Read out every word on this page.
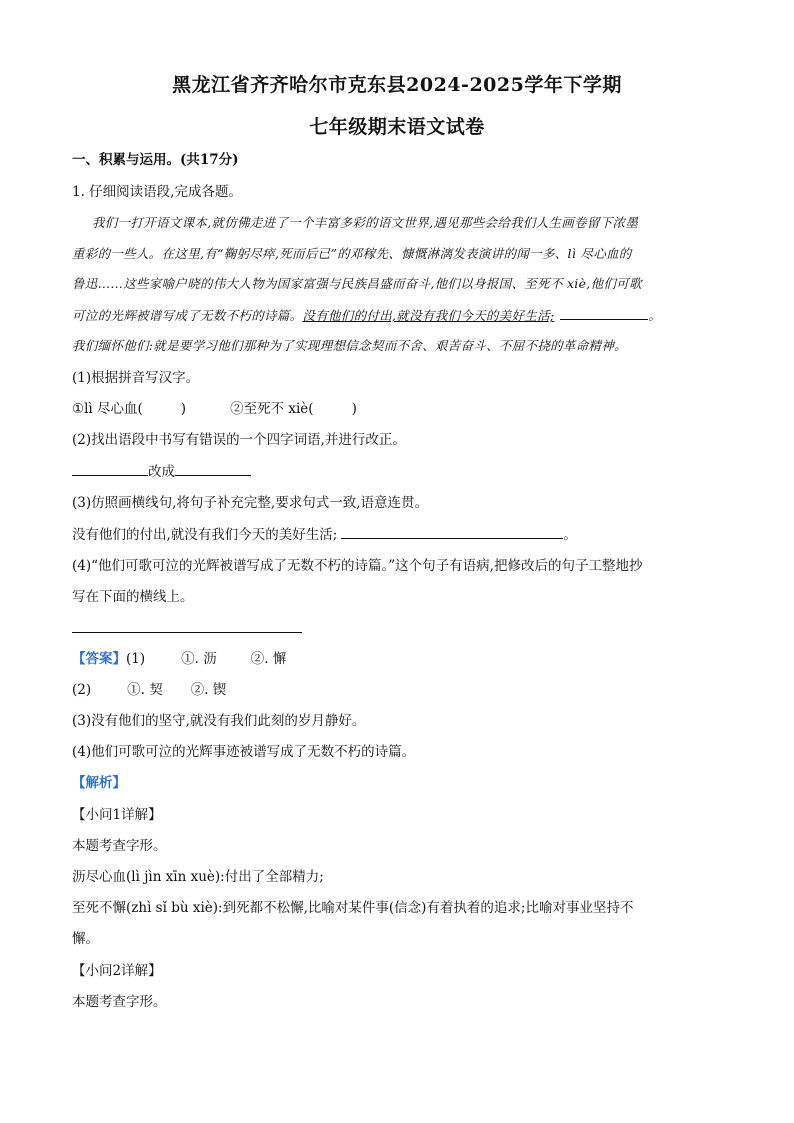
黑龙江省齐齐哈尔市克东县2024-2025学年下学期
七年级期末语文试卷
一、积累与运用。(共17分)
1. 仔细阅读语段,完成各题。
我们一打开语文课本,就仿佛走进了一个丰富多彩的语文世界,遇见那些会给我们人生画卷留下浓墨
重彩的一些人。在这里,有“鞠躬尽瘁,死而后已”的邓稼先、慷慨淋漓发表演讲的闻一多、lì 尽心血的
鲁迅……这些家喻户晓的伟大人物为国家富强与民族昌盛而奋斗,他们以身报国、至死不 xiè,他们可歌
可泣的光辉被谱写成了无数不朽的诗篇。没有他们的付出,就没有我们今天的美好生活;	。
我们缅怀他们:就是要学习他们那种为了实现理想信念契而不舍、艰苦奋斗、不屈不挠的革命精神。
(1)根据拼音写汉字。
①lì 尽心血(	)	②至死不 xiè(	)
(2)找出语段中书写有错误的一个四字词语,并进行改正。
改成
(3)仿照画横线句,将句子补充完整,要求句式一致,语意连贯。
没有他们的付出,就没有我们今天的美好生活;	。
(4)“他们可歌可泣的光辉被谱写成了无数不朽的诗篇。”这个句子有语病,把修改后的句子工整地抄
写在下面的横线上。
【答案】(1)	①. 沥	②. 懈
(2)	①. 契 ②. 锲
(3)没有他们的坚守,就没有我们此刻的岁月静好。
(4)他们可歌可泣的光辉事迹被谱写成了无数不朽的诗篇。
【解析】
【小问1详解】
本题考查字形。
沥尽心血(lì jìn xīn xuè):付出了全部精力;
至死不懈(zhì sǐ bù xiè):到死都不松懈,比喻对某件事(信念)有着执着的追求;比喻对事业坚持不
懈。
【小问2详解】
本题考查字形。
